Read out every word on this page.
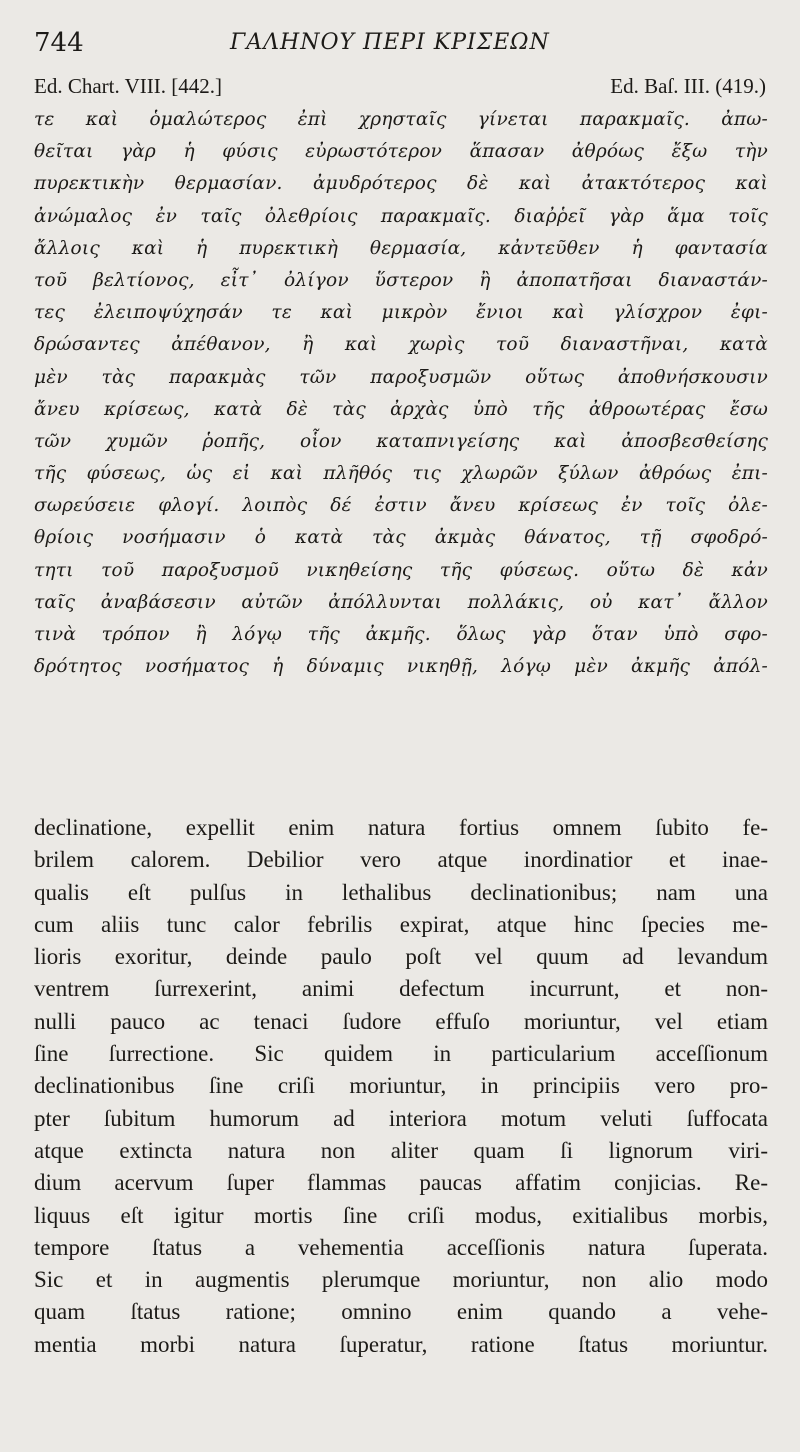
744	ΓΑΛΗΝΟΥ ΠΕΡΙ ΚΡΙΣΕΩΝ
Ed. Chart. VIII. [442.]	Ed. Baſ. III. (419.)
τε καὶ ὁμαλώτερος ἐπὶ χρησταῖς γίνεται παρακμαῖς. ἀπω-
θεῖται γὰρ ἡ φύσις εὐρωστότερον ἅπασαν ἀθρόως ἔξω τὴν
πυρεκτικὴν θερμασίαν. ἀμυδρότερος δὲ καὶ ἀτακτότερος καὶ
ἀνώμαλος ἐν ταῖς ὀλεθρίοις παρακμαῖς. διαῤῥεῖ γὰρ ἅμα τοῖς
ἄλλοις καὶ ἡ πυρεκτικὴ θερμασία, κἀντεῦθεν ἡ φαντασία
τοῦ βελτίονος, εἶτ᾽ ὀλίγον ὕστερον ἢ ἀποπατῆσαι διαναστάν-
τες ἐλειποψύχησάν τε καὶ μικρὸν ἔνιοι καὶ γλίσχρον ἐφι-
δρώσαντες ἀπέθανον, ἢ καὶ χωρὶς τοῦ διαναστῆναι, κατὰ
μὲν τὰς παρακμὰς τῶν παροξυσμῶν οὕτως ἀποθνήσκουσιν
ἄνευ κρίσεως, κατὰ δὲ τὰς ἀρχὰς ὑπὸ τῆς ἀθροωτέρας ἔσω
τῶν χυμῶν ῥοπῆς, οἷον καταπνιγείσης καὶ ἀποσβεσθείσης
τῆς φύσεως, ὡς εἰ καὶ πλῆθός τις χλωρῶν ξύλων ἀθρόως ἐπι-
σωρεύσειε φλογί. λοιπὸς δέ ἐστιν ἄνευ κρίσεως ἐν τοῖς ὀλε-
θρίοις νοσήμασιν ὁ κατὰ τὰς ἀκμὰς θάνατος, τῇ σφοδρό-
τητι τοῦ παροξυσμοῦ νικηθείσης τῆς φύσεως. οὕτω δὲ κἀν
ταῖς ἀναβάσεσιν αὐτῶν ἀπόλλυνται πολλάκις, οὐ κατ᾽ ἄλλον
τινὰ τρόπον ἢ λόγῳ τῆς ἀκμῆς. ὅλως γὰρ ὅταν ὑπὸ σφο-
δρότητος νοσήματος ἡ δύναμις νικηθῇ, λόγῳ μὲν ἀκμῆς ἀπόλ-
declinatione, expellit enim natura fortius omnem ſubito fe-
brilem calorem. Debilior vero atque inordinatior et inae-
qualis eſt pulſus in lethalibus declinationibus; nam una
cum aliis tunc calor febrilis expirat, atque hinc ſpecies me-
lioris exoritur, deinde paulo poſt vel quum ad levandum
ventrem ſurrexerint, animi defectum incurrunt, et non-
nulli pauco ac tenaci ſudore effuſo moriuntur, vel etiam
ſine ſurrectione. Sic quidem in particularium acceſſionum
declinationibus ſine criſi moriuntur, in principiis vero pro-
pter ſubitum humorum ad interiora motum veluti ſuffocata
atque extincta natura non aliter quam ſi lignorum viri-
dium acervum ſuper flammas paucas affatim conjicias. Re-
liquus eſt igitur mortis ſine criſi modus, exitialibus morbis,
tempore ſtatus a vehementia acceſſionis natura ſuperata.
Sic et in augmentis plerumque moriuntur, non alio modo
quam ſtatus ratione; omnino enim quando a vehe-
mentia morbi natura ſuperatur, ratione ſtatus moriuntur.
